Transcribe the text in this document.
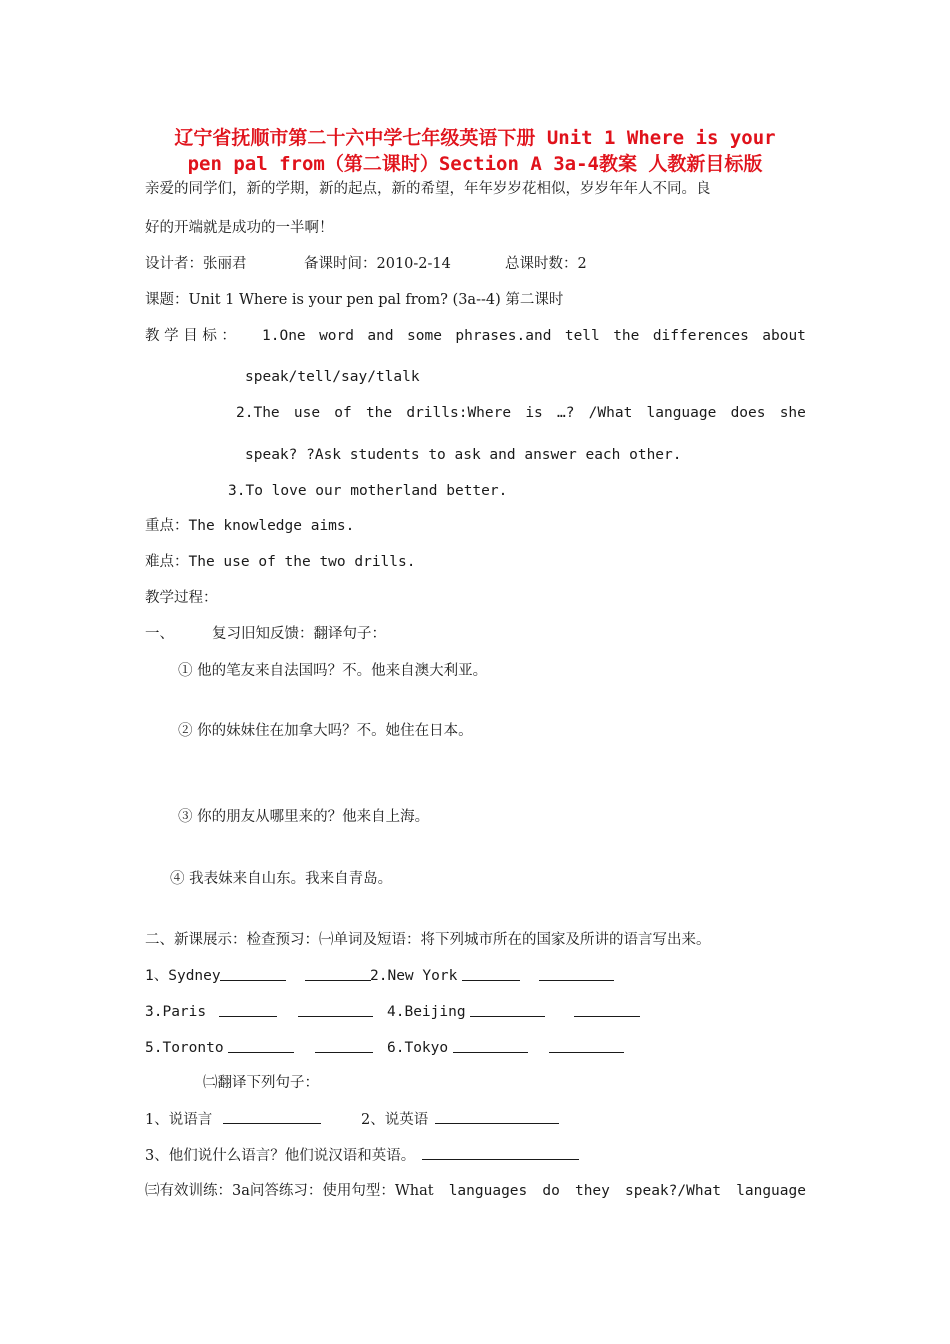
辽宁省抚顺市第二十六中学七年级英语下册 Unit 1 Where is your
pen pal from（第二课时）Section A 3a-4教案 人教新目标版
亲爱的同学们，新的学期，新的起点，新的希望，年年岁岁花相似，岁岁年年人不同。良
好的开端就是成功的一半啊！
设计者：张丽君	备课时间：2010-2-14	总课时数：2
课题：Unit 1 Where is your pen pal from? (3a--4) 第二课时
教 学 目 标 ： 1.One word and some phrases.and tell the differences about
speak/tell/say/tlalk
2.The use of the drills:Where is …? /What language does she
speak? ?Ask students to ask and answer each other.
3.To love our motherland better.
重点：The knowledge aims.
难点：The use of the two drills.
教学过程：
一、	复习旧知反馈：翻译句子：
① 他的笔友来自法国吗？不。他来自澳大利亚。
② 你的妹妹住在加拿大吗？不。她住在日本。
③ 你的朋友从哪里来的？他来自上海。
④ 我表妹来自山东。我来自青岛。
二、新课展示：检查预习：㈠单词及短语：将下列城市所在的国家及所讲的语言写出来。
1、Sydney
	2.New York

3.Paris
	4.Beijing

5.Toronto
	6.Tokyo

㈡翻译下列句子：
1、说语言	2、说英语
3、他们说什么语言？他们说汉语和英语。
㈢有效训练：3a问答练习：使用句型：What languages do they speak?/What language
